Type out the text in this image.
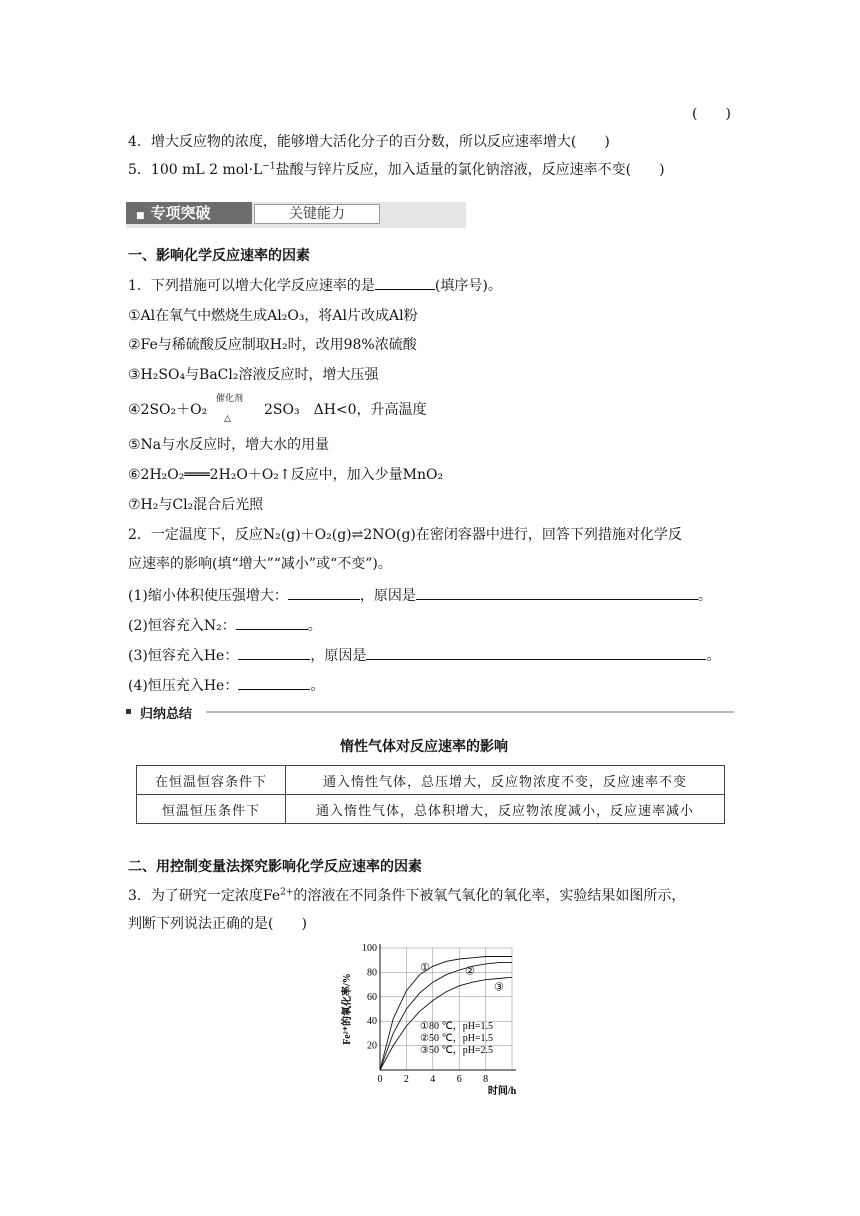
(　　)
4．增大反应物的浓度，能够增大活化分子的百分数，所以反应速率增大(　　)
5．100 mL 2 $mol\cdot L^{-1}$盐酸与锌片反应，加入适量的氯化钠溶液，反应速率不变(　　)
■ 专项突破	关键能力
一、影响化学反应速率的因素
1．下列措施可以增大化学反应速率的是	(填序号)。
①Al在氧气中燃烧生成Al₂O₃，将Al片改成Al粉
②Fe与稀硫酸反应制取H₂时，改用98%浓硫酸
③H₂SO₄与BaCl₂溶液反应时，增大压强
④2SO₂＋O₂
催化剂
△
2SO₃　ΔH<0，升高温度
⑤Na与水反应时，增大水的用量
⑥2H₂O₂═══2H₂O＋O₂↑反应中，加入少量MnO₂
⑦H₂与Cl₂混合后光照
2．一定温度下，反应N₂(g)＋O₂(g)⇌2NO(g)在密闭容器中进行，回答下列措施对化学反
应速率的影响(填“增大”“减小”或“不变”)。
(1)缩小体积使压强增大：	，原因是	。
(2)恒容充入N₂：	。
(3)恒容充入He：	，原因是	。
(4)恒压充入He：	。
归纳总结
惰性气体对反应速率的影响
在恒温恒容条件下	通入惰性气体，总压增大，反应物浓度不变，反应速率不变
恒温恒压条件下	通入惰性气体，总体积增大，反应物浓度减小，反应速率减小
二、用控制变量法探究影响化学反应速率的因素
3．为了研究一定浓度$Fe^{2+}$的溶液在不同条件下被氧气氧化的氧化率，实验结果如图所示，
判断下列说法正确的是(　　)
0 2 4 6 8
20
40
60
80
100
时间/h
Fe²⁺的氧化率/%
①	②
③
①80 ℃，pH=1.5
②50 ℃，pH=1.5
③50 ℃，pH=2.5
